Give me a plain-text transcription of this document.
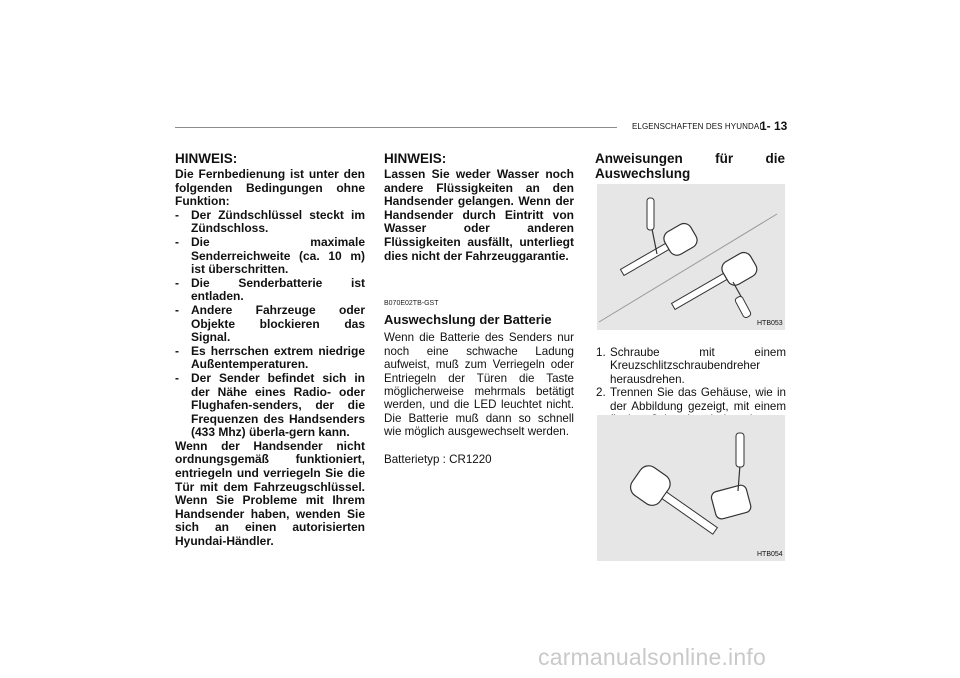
ELGENSCHAFTEN DES HYUNDAI
1- 13
HINWEIS:

Die Fernbedienung ist unter den folgenden Bedingungen ohne Funktion:

- Der Zündschlüssel steckt im Zündschloss.
- Die maximale Senderreichweite (ca. 10 m) ist überschritten.
- Die Senderbatterie ist entladen.
- Andere Fahrzeuge oder Objekte blockieren das Signal.
- Es herrschen extrem niedrige Außentemperaturen.
- Der Sender befindet sich in der Nähe eines Radio- oder Flughafen-senders, der die Frequenzen des Handsenders (433 Mhz) überla-gern kann.

Wenn der Handsender nicht ordnungsgemäß funktioniert, entriegeln und verriegeln Sie die Tür mit dem Fahrzeugschlüssel. Wenn Sie Probleme mit Ihrem Handsender haben, wenden Sie sich an einen autorisierten Hyundai-Händler.

HINWEIS:

Lassen Sie weder Wasser noch andere Flüssigkeiten an den Handsender gelangen. Wenn der Handsender durch Eintritt von Wasser oder anderen Flüssigkeiten ausfällt, unterliegt dies nicht der Fahrzeuggarantie.

B070E02TB-GST
Auswechslung der Batterie

Wenn die Batterie des Senders nur noch eine schwache Ladung aufweist, muß zum Verriegeln oder Entriegeln der Türen die Taste möglicherweise mehrmals betätigt werden, und die LED leuchtet nicht. Die Batterie muß dann so schnell wie möglich ausgewechselt werden.

Batterietyp : CR1220
Anweisungen für die Auswechslung
HTB053
1. Schraube mit einem Kreuzschlitzschraubendreher herausdrehen.
2. Trennen Sie das Gehäuse, wie in der Abbildung gezeigt, mit einem
HTB054
carmanualsonline.info
